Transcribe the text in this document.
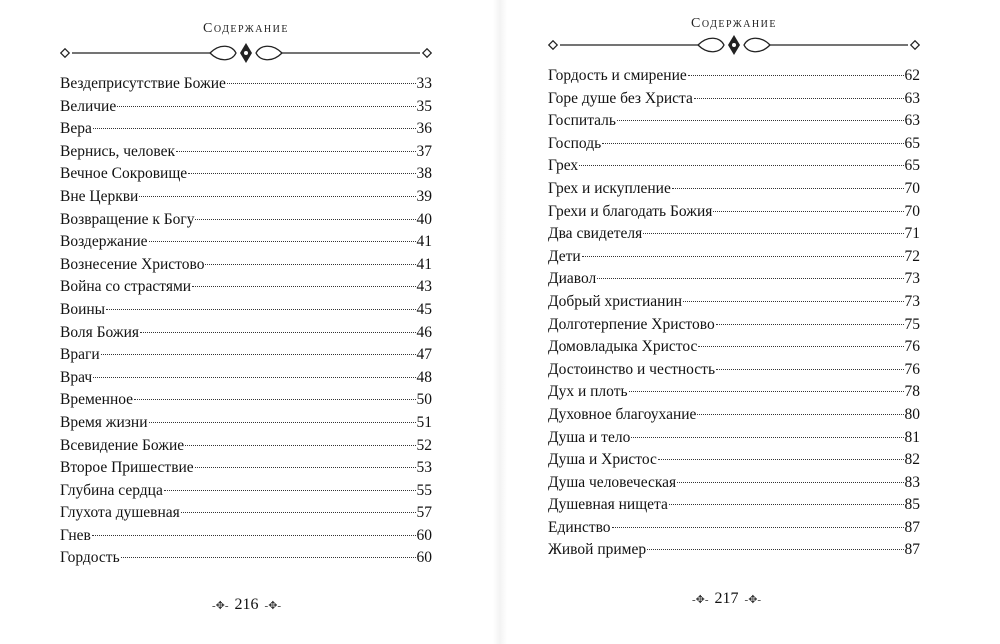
Содержание
Вездеприсутствие Божие	33
Величие	35
Вера	36
Вернись, человек	37
Вечное Сокровище	38
Вне Церкви	39
Возвращение к Богу	40
Воздержание	41
Вознесение Христово	41
Война со страстями	43
Воины	45
Воля Божия	46
Враги	47
Врач	48
Временное	50
Время жизни	51
Всевидение Божие	52
Второе Пришествие	53
Глубина сердца	55
Глухота душевная	57
Гнев	60
Гордость	60
-✥- 216 -✥-
Содержание
Гордость и смирение	62
Горе душе без Христа	63
Госпиталь	63
Господь	65
Грех	65
Грех и искупление	70
Грехи и благодать Божия	70
Два свидетеля	71
Дети	72
Диавол	73
Добрый христианин	73
Долготерпение Христово	75
Домовладыка Христос	76
Достоинство и честность	76
Дух и плоть	78
Духовное благоухание	80
Душа и тело	81
Душа и Христос	82
Душа человеческая	83
Душевная нищета	85
Единство	87
Живой пример	87
-✥- 217 -✥-
